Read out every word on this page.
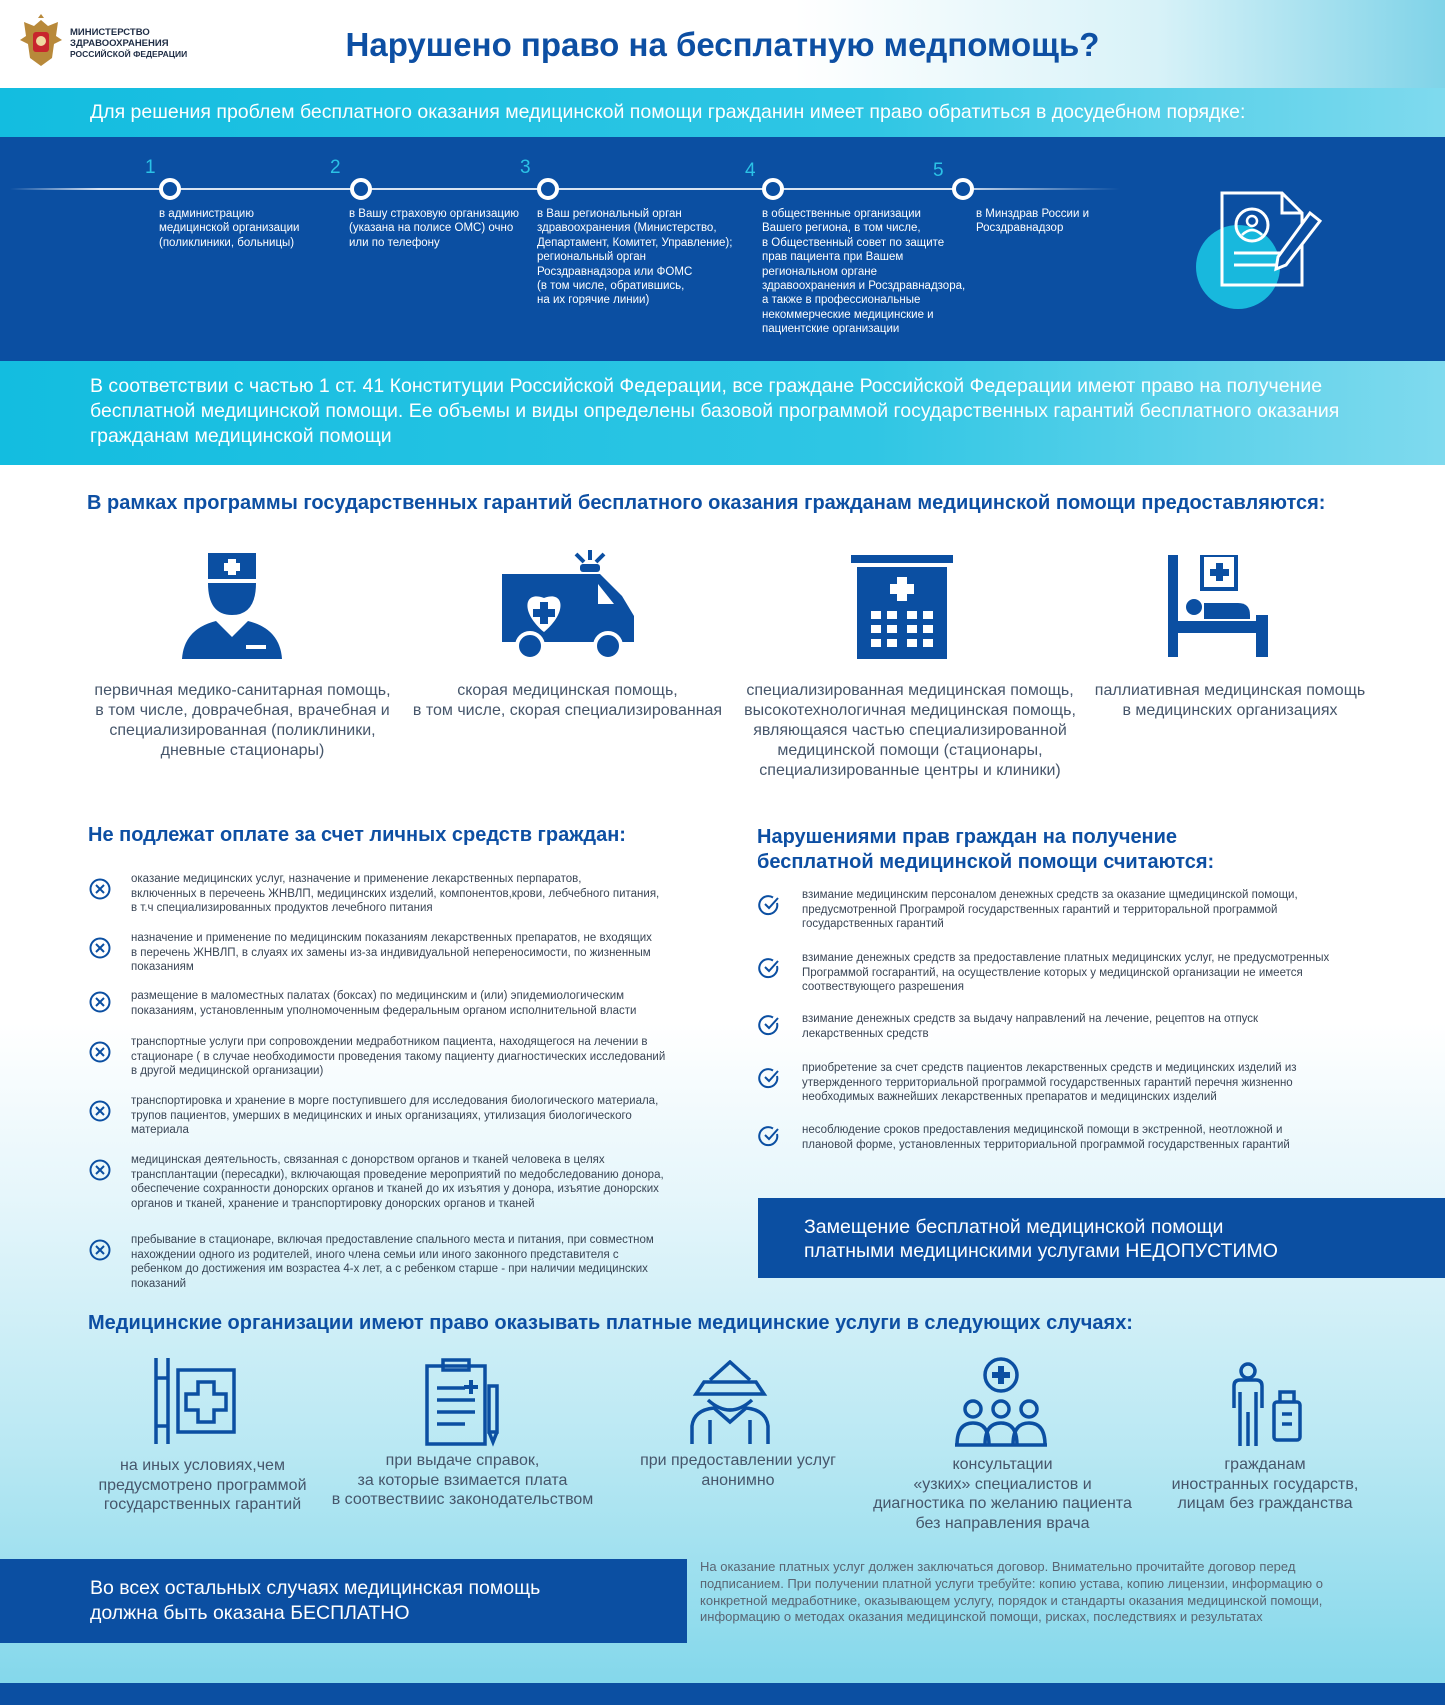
МИНИСТЕРСТВО
ЗДРАВООХРАНЕНИЯ
РОССИЙСКОЙ ФЕДЕРАЦИИ	Нарушено право на бесплатную медпомощь?
Для решения проблем бесплатного оказания медицинской помощи гражданин имеет право обратиться в досудебном порядке:
1
в администрацию
медицинской организации
(поликлиники, больницы)
2
в Вашу страховую организацию
(указана на полисе ОМС) очно
или по телефону
3
в Ваш региональный орган
здравоохранения (Министерство,
Департамент, Комитет, Управление);
региональный орган
Росздравнадзора или ФОМС
(в том числе, обратившись,
на их горячие линии)
4
в общественные организации
Вашего региона, в том числе,
в Общественный совет по защите
прав пациента при Вашем
региональном органе
здравоохранения и Росздравнадзора,
а также в профессиональные
некоммерческие медицинские и
пациентские организации
5
в Минздрав России и
Росздравнадзор
В соответствии с частью 1 ст. 41 Конституции Российской Федерации, все граждане Российской Федерации имеют право на получение бесплатной медицинской помощи. Ее объемы и виды определены базовой программой государственных гарантий бесплатного оказания гражданам медицинской помощи
В рамках программы государственных гарантий бесплатного оказания гражданам медицинской помощи предоставляются:
первичная медико-санитарная помощь,
в том числе, доврачебная, врачебная и
специализированная (поликлиники,
дневные стационары)
скорая медицинская помощь,
в том числе, скорая специализированная
специализированная медицинская помощь,
высокотехнологичная медицинская помощь,
являющаяся частью специализированной
медицинской помощи (стационары,
специализированные центры и клиники)
паллиативная медицинская помощь
в медицинских организациях
Не подлежат оплате за счет личных средств граждан:
оказание медицинских услуг, назначение и применение лекарственных перпаратов,
включенных в перечеень ЖНВЛП, медицинских изделий, компонентов,крови, лебчебного питания,
в т.ч специализированных продуктов лечебного питания
назначение и применение по медицинским показаниям лекарственных препаратов, не входящих
в перечень ЖНВЛП, в слуаях их замены из-за индивидуальной непереносимости, по жизненным
показаниям
размещение в маломестных палатах (боксах) по медицинским и (или) эпидемиологическим
показаниям, установленным уполномоченным федеральным органом исполнительной власти
транспортные услуги при сопровождении медработником пациента, находящегося на лечении в
стационаре ( в случае необходимости проведения такому пациенту диагностических исследований
в другой медицинской организации)
транспортировка и хранение в морге поступившего для исследования биологического материала,
трупов пациентов, умерших в медицинских и иных организациях, утилизация биологического
материала
медицинская деятельность, связанная с донорством органов и тканей человека в целях
трансплантации (пересадки), включающая проведение мероприятий по медобследованию донора,
обеспечение сохранности донорских органов и тканей до их изъятия у донора, изъятие донорских
органов и тканей, хранение и транспортировку донорских органов и тканей
пребывание в стационаре, включая предоставление спального места и питания, при совместном
нахождении одного из родителей, иного члена семьи или иного законного представителя с
ребенком до достижения им возрастеа 4-х лет, а с ребенком старше - при наличии медицинских
показаний
Нарушениями прав граждан на получение
бесплатной медицинской помощи считаются:
взимание медицинским персоналом денежных средств за оказание щмедицинской помощи,
предусмотренной Програмрой государственных гарантий и территоральной программой
государственных гарантий
взимание денежных средств за предоставление платных медицинских услуг, не предусмотренных
Программой госгарантий, на осуществление которых у медицинской организации не имеется
соотвествующего разрешения
взимание денежных средств за выдачу направлений на лечение, рецептов на отпуск
лекарственных средств
приобретение за счет средств пациентов лекарственных средств и медицинских изделий из
утвержденного территориальной программой государственных гарантий перечня жизненно
необходимых важнейших лекарственных препаратов и медицинских изделий
несоблюдение сроков предоставления медицинской помощи в экстренной, неотложной и
плановой форме, установленных территориальной программой государственных гарантий
Замещение бесплатной медицинской помощи
платными медицинскими услугами НЕДОПУСТИМО
Медицинские организации имеют право оказывать платные медицинские услуги в следующих случаях:
на иных условиях,чем
предусмотрено программой
государственных гарантий
при выдаче справок,
за которые взимается плата
в соотвествиис законодательством
при предоставлении услуг
анонимно
консультации
«узких» специалистов и
диагностика по желанию пациента
без направления врача
гражданам
иностранных государств,
лицам без гражданства
Во всех остальных случаях медицинская помощь
должна быть оказана БЕСПЛАТНО
На оказание платных услуг должен заключаться договор. Внимательно прочитайте договор перед подписанием. При получении платной услуги требуйте: копию устава, копию лицензии, информацию о конкретной медработнике, оказывающем услугу, порядок и стандарты оказания медицинской помощи, информацию о методах оказания медицинской помощи, рисках, последствиях и результатах
